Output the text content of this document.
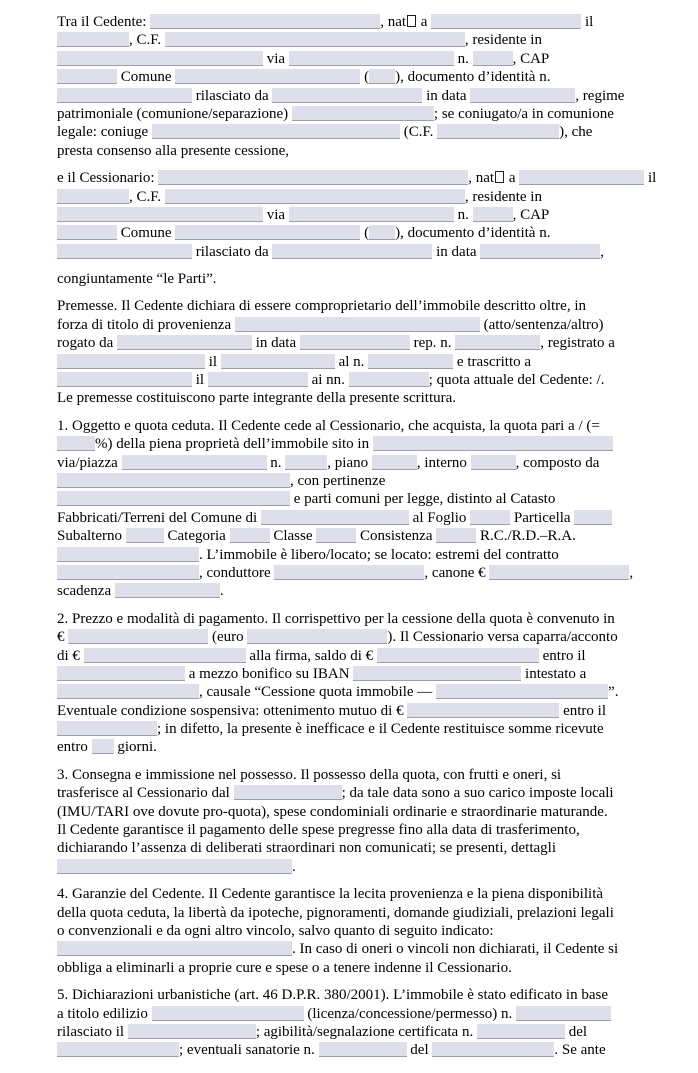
Tra il Cedente:	, nat a	il
, C.F.	, residente in
via	n.	, CAP
Comune	( ), documento d’identità n.
rilasciato da	in data	, regime
patrimoniale (comunione/separazione)	; se coniugato/a in comunione
legale: coniuge	(C.F.	), che
presta consenso alla presente cessione,
e il Cessionario:	, nat a	il
, C.F.	, residente in
via	n.	, CAP
Comune	( ), documento d’identità n.
rilasciato da	in data	,
congiuntamente “le Parti”.
Premesse. Il Cedente dichiara di essere comproprietario dell’immobile descritto oltre, in
forza di titolo di provenienza	(atto/sentenza/altro)
rogato da	in data	rep. n.	, registrato a
il	al n.	e trascritto a
il	ai nn.	; quota attuale del Cedente: /.
Le premesse costituiscono parte integrante della presente scrittura.
1. Oggetto e quota ceduta. Il Cedente cede al Cessionario, che acquista, la quota pari a / (=
%) della piena proprietà dell’immobile sito in
via/piazza	n.	, piano	, interno	, composto da
, con pertinenze
e parti comuni per legge, distinto al Catasto
Fabbricati/Terreni del Comune di	al Foglio	Particella
Subalterno	Categoria	Classe	Consistenza	R.C./R.D.–R.A.
. L’immobile è libero/locato; se locato: estremi del contratto
, conduttore	, canone €	,
scadenza	.
2. Prezzo e modalità di pagamento. Il corrispettivo per la cessione della quota è convenuto in
€	(euro	). Il Cessionario versa caparra/acconto
di €	alla firma, saldo di €	entro il
a mezzo bonifico su IBAN	intestato a
, causale “Cessione quota immobile —	”.
Eventuale condizione sospensiva: ottenimento mutuo di €	entro il
; in difetto, la presente è inefficace e il Cedente restituisce somme ricevute
entro  giorni.
3. Consegna e immissione nel possesso. Il possesso della quota, con frutti e oneri, si
trasferisce al Cessionario dal	; da tale data sono a suo carico imposte locali
(IMU/TARI ove dovute pro-quota), spese condominiali ordinarie e straordinarie maturande.
Il Cedente garantisce il pagamento delle spese pregresse fino alla data di trasferimento,
dichiarando l’assenza di deliberati straordinari non comunicati; se presenti, dettagli
.
4. Garanzie del Cedente. Il Cedente garantisce la lecita provenienza e la piena disponibilità
della quota ceduta, la libertà da ipoteche, pignoramenti, domande giudiziali, prelazioni legali
o convenzionali e da ogni altro vincolo, salvo quanto di seguito indicato:
. In caso di oneri o vincoli non dichiarati, il Cedente si
obbliga a eliminarli a proprie cure e spese o a tenere indenne il Cessionario.
5. Dichiarazioni urbanistiche (art. 46 D.P.R. 380/2001). L’immobile è stato edificato in base
a titolo edilizio	(licenza/concessione/permesso) n.
rilasciato il	; agibilità/segnalazione certificata n.	del
; eventuali sanatorie n.	del	. Se ante
